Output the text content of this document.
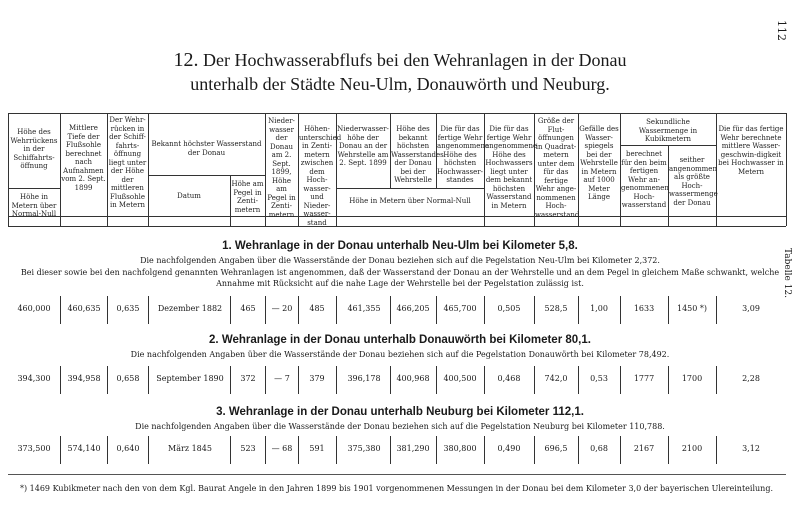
112
Tabelle 12.
12. Der Hochwasserabflufs bei den Wehranlagen in der Donau
unterhalb der Städte Neu-Ulm, Donauwörth und Neuburg.
Höhe des Wehrrückens in der Schiffahrts-öffnung
Höhe in Metern über Normal-Null
Mittlere Tiefe der Flußsohle berechnet nach Aufnahmen vom 2. Sept. 1899
Der Wehr-rücken in der Schiff-fahrts-öffnung liegt unter der Höhe der mittleren Flußsohle in Metern
Bekannt höchster Wasserstand der Donau
Datum
Höhe am Pegel in Zenti-metern
Nieder-wasser der Donau am 2. Sept. 1899, Höhe am Pegel in Zenti-metern
Höhen-unterschied in Zenti-metern zwischen dem Hoch-wasser- und Nieder-wasser-stand
Niederwasser-höhe der Donau an der Wehrstelle am 2. Sept. 1899
Höhe des bekannt höchsten Wasserstandes der Donau bei der Wehrstelle
Die für das fertige Wehr angenommene Höhe des höchsten Hochwasser-standes
Höhe in Metern über Normal-Null
Die für das fertige Wehr angenommene Höhe des Hochwassers liegt unter dem bekannt höchsten Wasserstand in Metern
Größe der Flut-öffnungen in Quadrat-metern unter dem für das fertige Wehr ange-nommenen Hoch-wasserstand
Gefälle des Wasser-spiegels bei der Wehrstelle in Metern auf 1000 Meter Länge
Sekundliche Wassermenge in Kubikmetern
berechnet für den beim fertigen Wehr an-genommenen Hoch-wasserstand
seither angenommen als größte Hoch-wassermenge der Donau
Die für das fertige Wehr berechnete mittlere Wasser-geschwin-digkeit bei Hochwasser in Metern
1. Wehranlage in der Donau unterhalb Neu-Ulm bei Kilometer 5,8.
Die nachfolgenden Angaben über die Wasserstände der Donau beziehen sich auf die Pegelstation Neu-Ulm bei Kilometer 2,372.
Bei dieser sowie bei den nachfolgend genannten Wehranlagen ist angenommen, daß der Wasserstand der Donau an der Wehrstelle und an dem Pegel in gleichem Maße schwankt, welche
Annahme mit Rücksicht auf die nahe Lage der Wehrstelle bei der Pegelstation zulässig ist.
2. Wehranlage in der Donau unterhalb Donauwörth bei Kilometer 80,1.
Die nachfolgenden Angaben über die Wasserstände der Donau beziehen sich auf die Pegelstation Donauwörth bei Kilometer 78,492.
3. Wehranlage in der Donau unterhalb Neuburg bei Kilometer 112,1.
Die nachfolgenden Angaben über die Wasserstände der Donau beziehen sich auf die Pegelstation Neuburg bei Kilometer 110,788.
*) 1469 Kubikmeter nach den von dem Kgl. Baurat Angele in den Jahren 1899 bis 1901 vorgenommenen Messungen in der Donau bei dem Kilometer 3,0 der bayerischen Ulereinteilung.
460,000	460,635	0,635	Dezember 1882	465	— 20	485	461,355	466,205	465,700	0,505	528,5	1,00	1633	1450 *)	3,09
394,300	394,958	0,658	September 1890	372	— 7	379	396,178	400,968	400,500	0,468	742,0	0,53	1777	1700	2,28
373,500	574,140	0,640	März 1845	523	— 68	591	375,380	381,290	380,800	0,490	696,5	0,68	2167	2100	3,12
